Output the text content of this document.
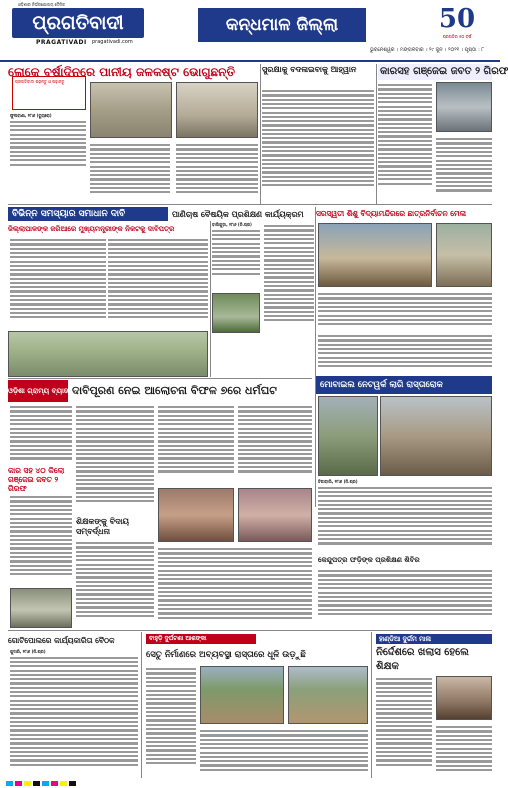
ଓଡ଼ିଶାର ନିର୍ଭରଯୋଗ୍ୟ ଦୈନିକ
ପ୍ରଗତିବାଦୀ
PRAGATIVADI pragativadi.com
କନ୍ଧମାଳ ଜିଲ୍ଲା	50
ପ୍ରଗତିର ୫୦ ବର୍ଷ
ଭୁବନେଶ୍ୱର । ମଙ୍ଗଳବାର । ୨୯ ଜୁନ । ୨୦୨୧ । ପୃଷ୍ଠା : ୮
ଲୋକେ ବର୍ଷାଦିନରେ ପାନୀୟ ଜଳକଷ୍ଟ ଭୋଗୁଛନ୍ତି	ସୁରକ୍ଷାକୁ ବଦଳାଇବାକୁ ଆହ୍ୱାନ	କାରସହ ଗଞ୍ଜେଇ ଜବତ ୨ ଗିରଫ
ପ୍ରଗତିବାଦୀ ପଢ଼ନ୍ତୁ ଓ ପଢ଼ାନ୍ତୁ
ଫୁଲବାଣୀ, ୨୮ା୬ (ବ୍ୟୁରୋ)
ବିଭିନ୍ନ ସମସ୍ୟାର ସମାଧାନ ଦାବି	ପାଣିଚାଷ ବୈଷୟିକ ପ୍ରଶିକ୍ଷଣ କାର୍ଯ୍ୟକ୍ରମ	ସରସ୍ୱତୀ ଶିଶୁ ବିଦ୍ୟାମନ୍ଦିରରେ ଛାତ୍ରନିର୍ବାଚନ ମେଳା
ଜିଲ୍ଲାପାଳଙ୍କ ଜରିଆରେ ମୁଖ୍ୟମନ୍ତ୍ରୀଙ୍କ ନିକଟକୁ ଦାବିପତ୍ର	ବାଲିଗୁଡ଼ା, ୨୮ା୬ (ନି.ପ୍ର)
ଓଡ଼ିଶା ଗ୍ରାମ୍ୟ ବ୍ୟାଙ୍କ
ଦାବିପୂରଣ ନେଇ ଆଲୋଚନା ବିଫଳ ୭ରେ ଧର୍ମଘଟ	ମୋବାଇଲ ନେଟୱର୍କ ଲାଗି ରାସ୍ତାରୋକ
କାର ସହ ୪୦ କିଲୋ ଗଞ୍ଜେଇ ଜବତ ୨ ଗିରଫ
ଶିକ୍ଷକଙ୍କୁ ବିଦାୟ ସମ୍ବର୍ଦ୍ଧନା
ଟିକାବାଲି, ୨୮ା୬ (ନି.ପ୍ର)
କେନ୍ଦୁପତ୍ର ଫଡ଼ିଙ୍କ ପ୍ରଶିକ୍ଷଣ ଶିବିର
ଗୋଟିପୋଲରେ କାର୍ଯ୍ୟକାରିତା ବୈଠକ
ଗୁଦାରି, ୨୮ା୬ (ନି.ପ୍ର)
ବାହୁଡ଼ି ଦୁର୍ଘଟଣା ଆଶଙ୍କା
ସେତୁ ନିର୍ମାଣରେ ଅବ୍ୟବସ୍ଥା ରାସ୍ତାରେ ଧୂଳି ଉଡ଼ୁଛି
ହାଣ୍ଡିଆ ଦୁର୍ଗମ ମାଳା
ନିର୍ଦ୍ଦେଶରେ ଖଲାସ ହେଲେ ଶିକ୍ଷକ
